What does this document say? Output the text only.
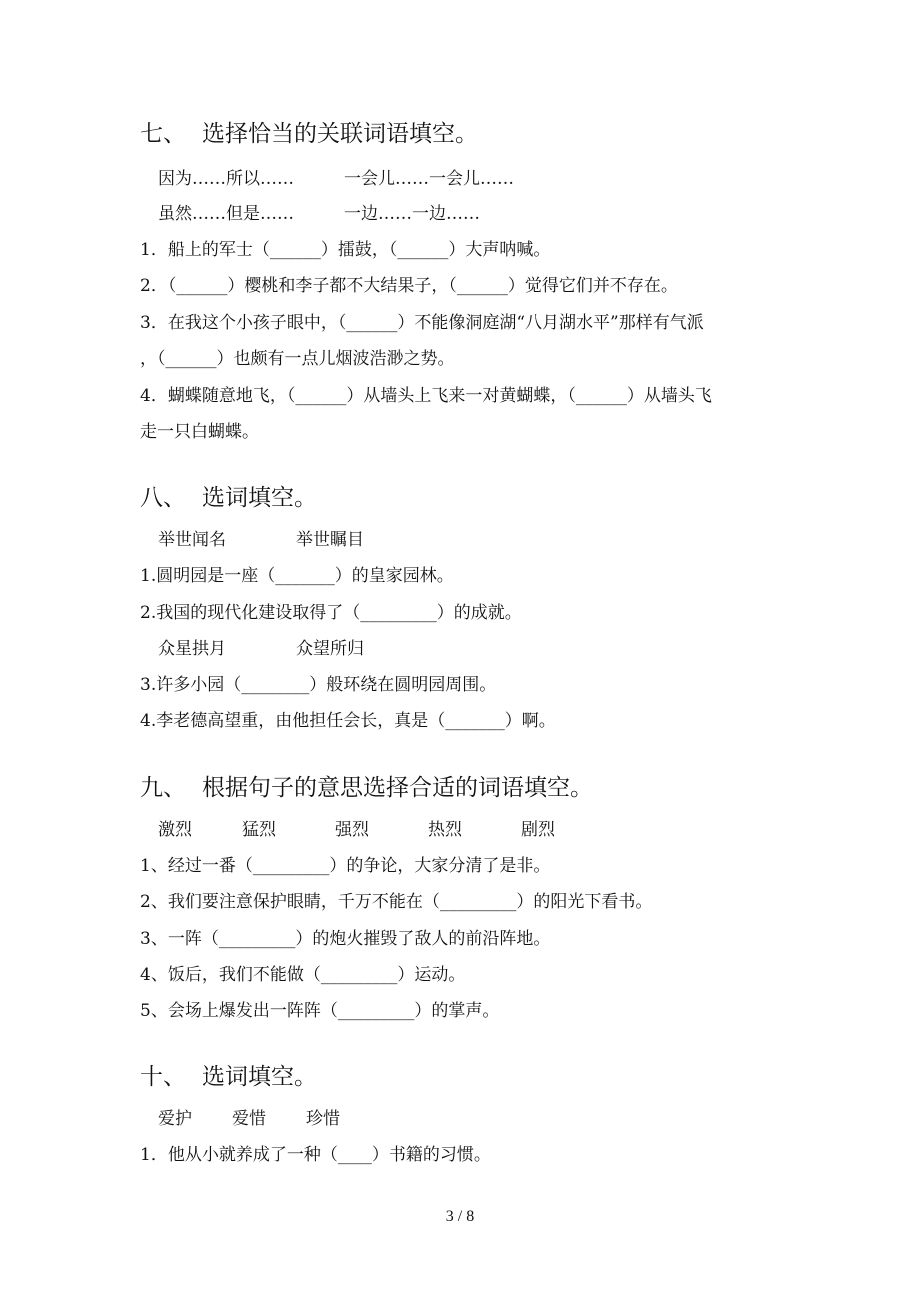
七、 选择恰当的关联词语填空。
因为……所以……	一会儿……一会儿……
虽然……但是……	一边……一边……
1．船上的军士（______）擂鼓，（______）大声呐喊。
2．（______）樱桃和李子都不大结果子，（______）觉得它们并不存在。
3．在我这个小孩子眼中，（______）不能像洞庭湖“八月湖水平”那样有气派
，（______）也颇有一点儿烟波浩渺之势。
4．蝴蝶随意地飞，（______）从墙头上飞来一对黄蝴蝶，（______）从墙头飞
走一只白蝴蝶。
八、 选词填空。
举世闻名	举世瞩目
1.圆明园是一座（_______）的皇家园林。
2.我国的现代化建设取得了（_________）的成就。
众星拱月	众望所归
3.许多小园（________）般环绕在圆明园周围。
4.李老德高望重，由他担任会长，真是（_______）啊。
九、 根据句子的意思选择合适的词语填空。
激烈	猛烈	强烈	热烈	剧烈
1、经过一番（_________）的争论，大家分清了是非。
2、我们要注意保护眼睛，千万不能在（_________）的阳光下看书。
3、一阵（_________）的炮火摧毁了敌人的前沿阵地。
4、饭后，我们不能做（_________）运动。
5、会场上爆发出一阵阵（_________）的掌声。
十、 选词填空。
爱护 爱惜 珍惜
1．他从小就养成了一种（____）书籍的习惯。
3 / 8
